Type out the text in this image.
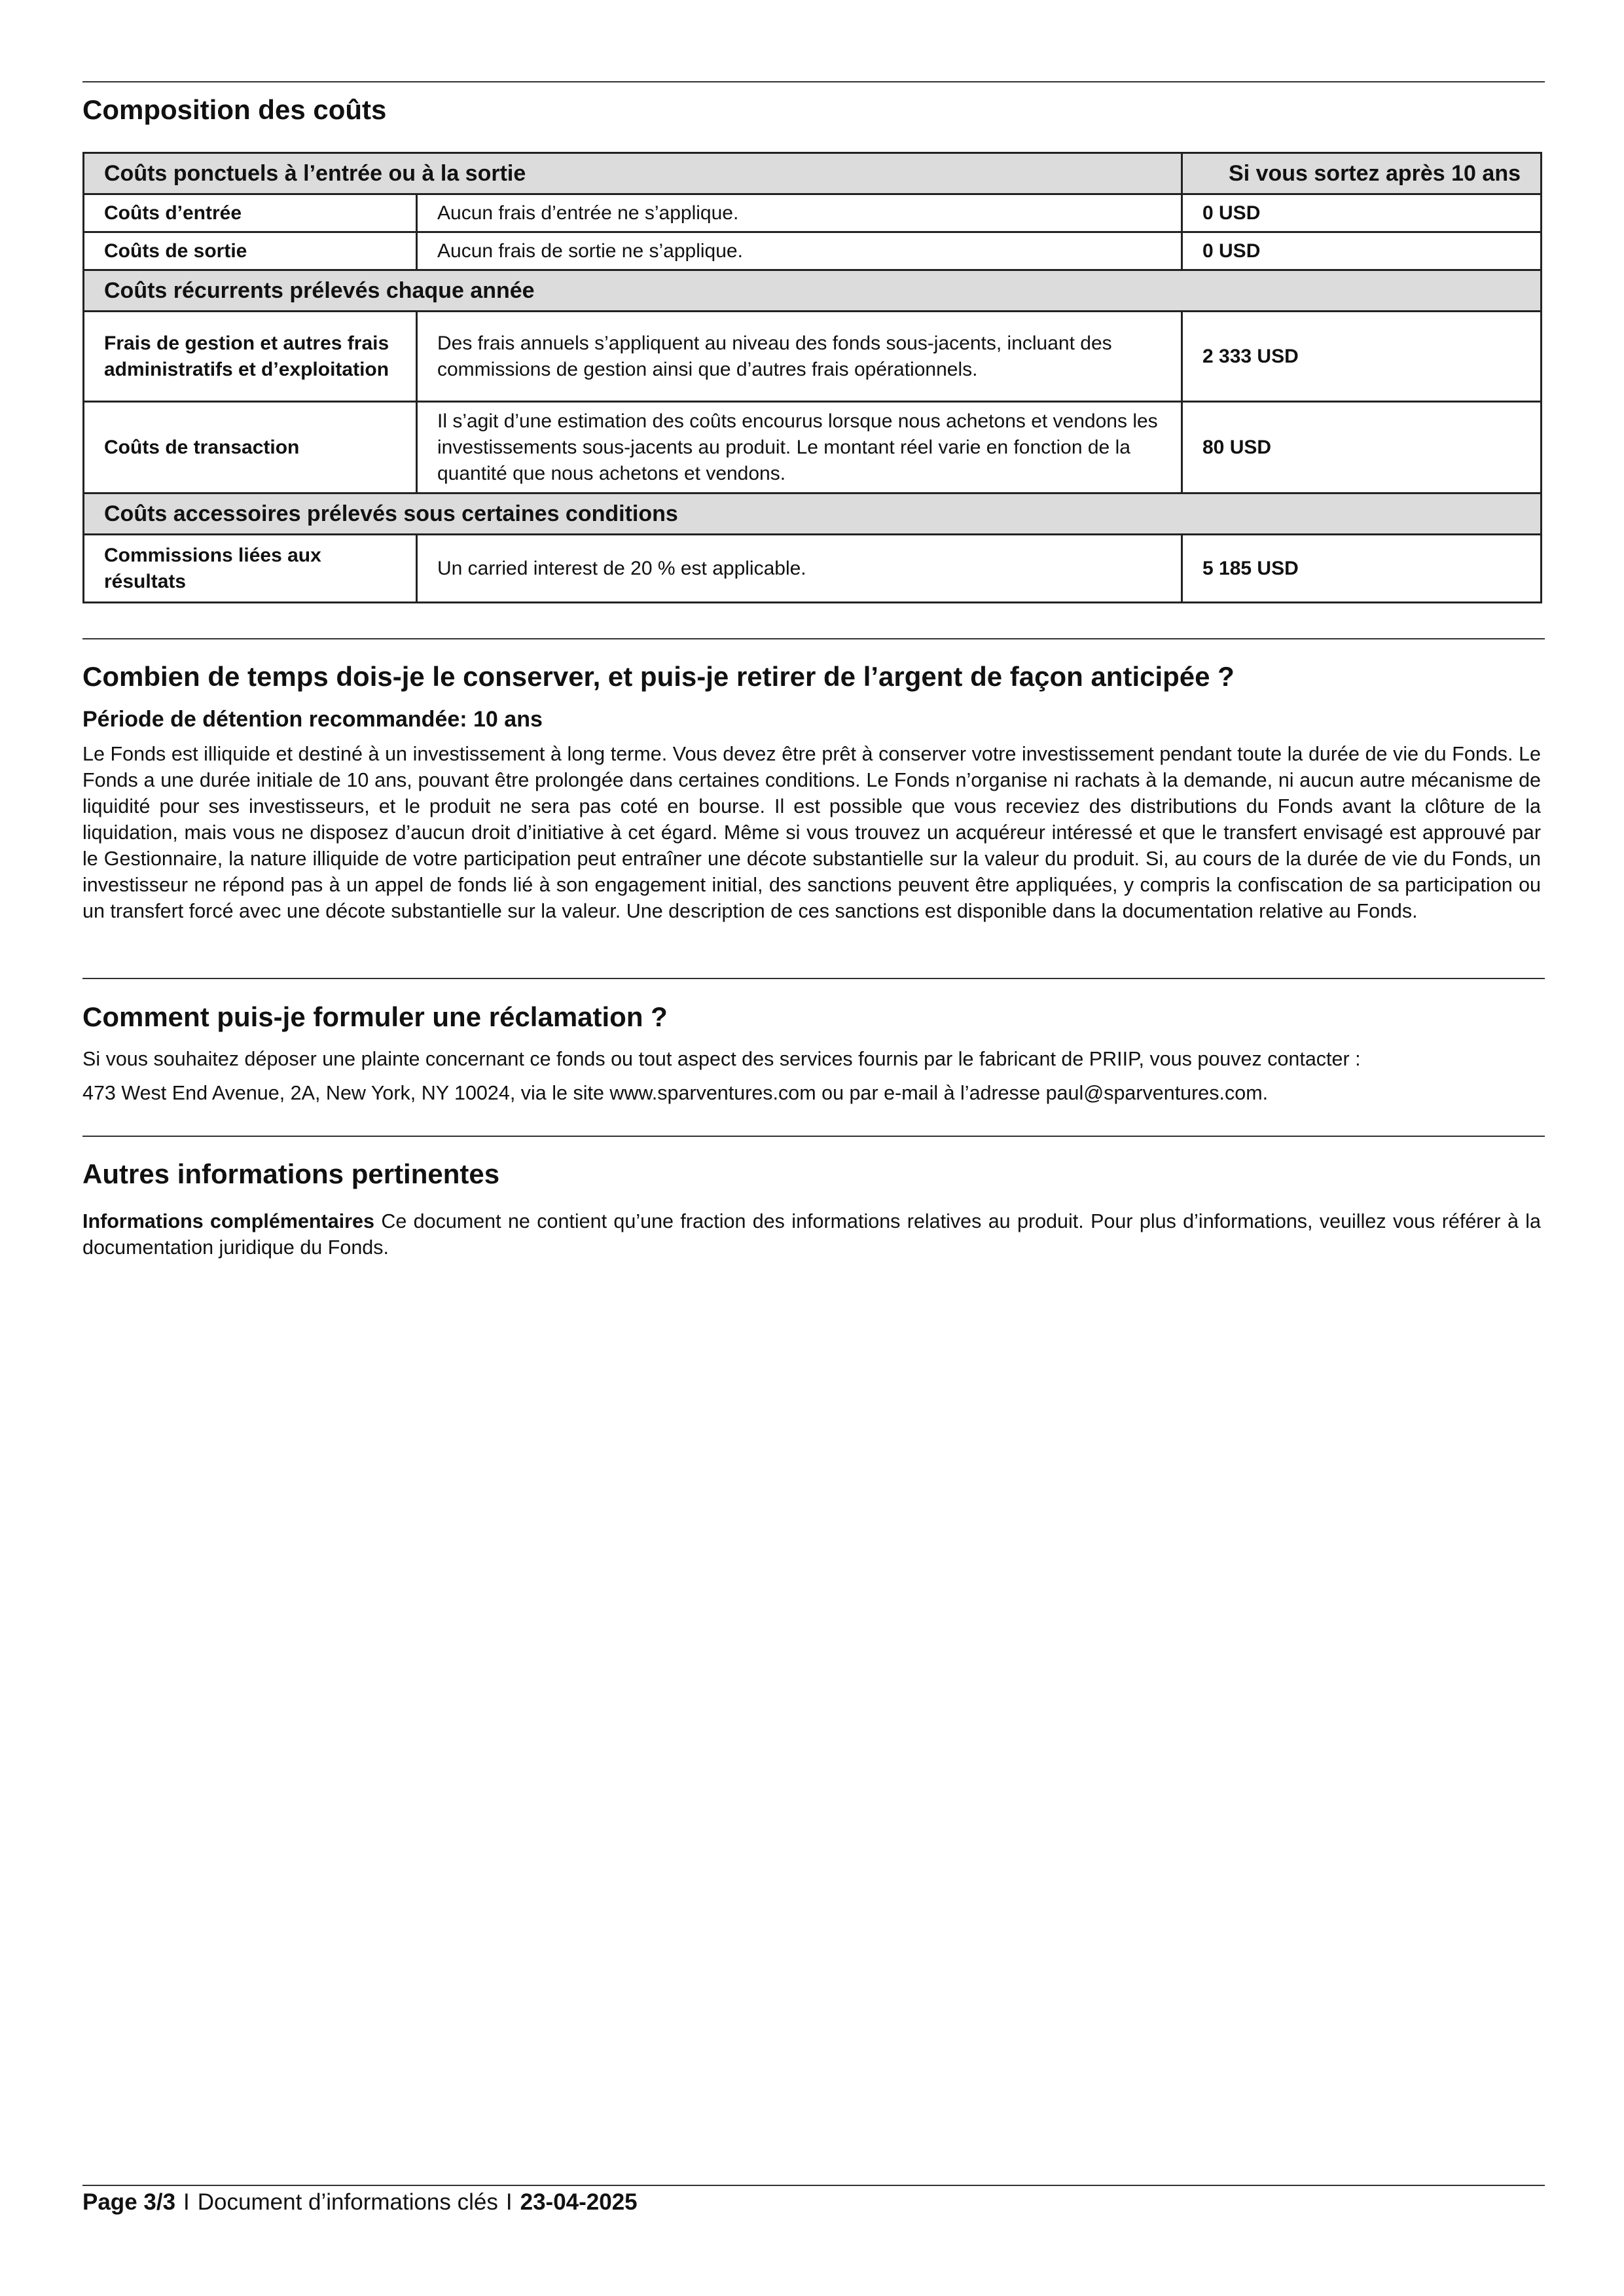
Composition des coûts
Coûts ponctuels à l’entrée ou à la sortie		Si vous sortez après 10 ans
Coûts d’entrée	Aucun frais d’entrée ne s’applique.	0 USD
Coûts de sortie	Aucun frais de sortie ne s’applique.	0 USD
Coûts récurrents prélevés chaque année		
Frais de gestion et autres frais administratifs et d’exploitation	Des frais annuels s’appliquent au niveau des fonds sous-jacents, incluant des commissions de gestion ainsi que d’autres frais opérationnels.	2 333 USD
Coûts de transaction	Il s’agit d’une estimation des coûts encourus lorsque nous achetons et vendons les investissements sous-jacents au produit. Le montant réel varie en fonction de la quantité que nous achetons et vendons.	80 USD
Coûts accessoires prélevés sous certaines conditions		
Commissions liées aux résultats	Un carried interest de 20 % est applicable.	5 185 USD
Combien de temps dois-je le conserver, et puis-je retirer de l’argent de façon anticipée ?
Période de détention recommandée: 10 ans

Le Fonds est illiquide et destiné à un investissement à long terme. Vous devez être prêt à conserver votre investissement pendant toute la durée de vie du Fonds. Le Fonds a une durée initiale de 10 ans, pouvant être prolongée dans certaines conditions. Le Fonds n’organise ni rachats à la demande, ni aucun autre mécanisme de liquidité pour ses investisseurs, et le produit ne sera pas coté en bourse. Il est possible que vous receviez des distributions du Fonds avant la clôture de la liquidation, mais vous ne disposez d’aucun droit d’initiative à cet égard. Même si vous trouvez un acquéreur intéressé et que le transfert envisagé est approuvé par le Gestionnaire, la nature illiquide de votre participation peut entraîner une décote substantielle sur la valeur du produit. Si, au cours de la durée de vie du Fonds, un investisseur ne répond pas à un appel de fonds lié à son engagement initial, des sanctions peuvent être appliquées, y compris la confiscation de sa participation ou un transfert forcé avec une décote substantielle sur la valeur. Une description de ces sanctions est disponible dans la documentation relative au Fonds.

Comment puis-je formuler une réclamation ?

Si vous souhaitez déposer une plainte concernant ce fonds ou tout aspect des services fournis par le fabricant de PRIIP, vous pouvez contacter :

473 West End Avenue, 2A, New York, NY 10024, via le site www.sparventures.com ou par e-mail à l’adresse paul@sparventures.com.

Autres informations pertinentes

Informations complémentaires Ce document ne contient qu’une fraction des informations relatives au produit. Pour plus d’informations, veuillez vous référer à la documentation juridique du Fonds.

Page 3/3 I Document d’informations clés I 23-04-2025
